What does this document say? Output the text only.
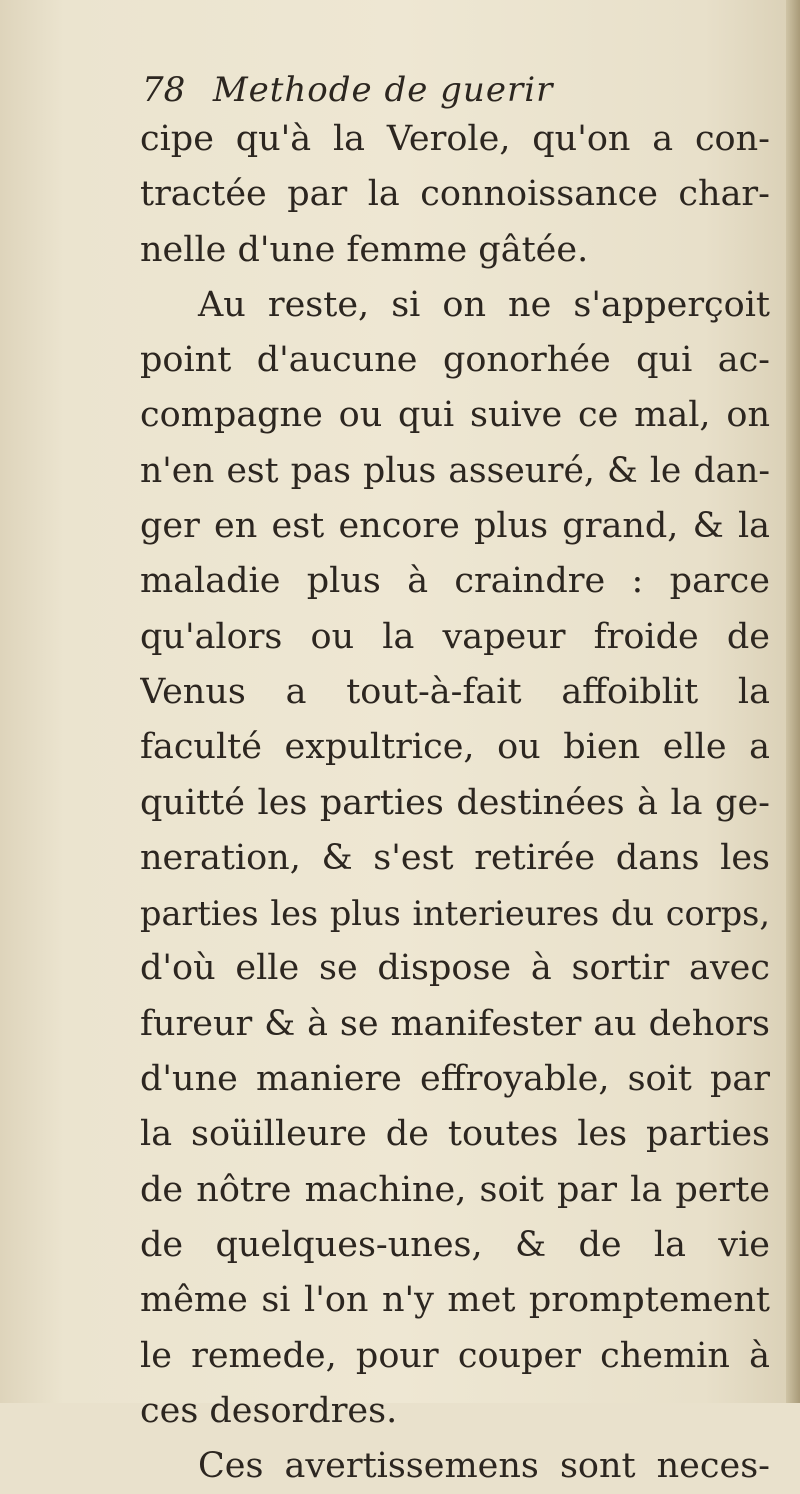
78 Methode de guerir
cipe qu'à la Verole, qu'on a con-
tractée par la connoissance char-
nelle d'une femme gâtée.
Au reste, si on ne s'apperçoit
point d'aucune gonorhée qui ac-
compagne ou qui suive ce mal, on
n'en est pas plus asseuré, & le dan-
ger en est encore plus grand, & la
maladie plus à craindre : parce
qu'alors ou la vapeur froide de
Venus a tout-à-fait affoiblit la
faculté expultrice, ou bien elle a
quitté les parties destinées à la ge-
neration, & s'est retirée dans les
parties les plus interieures du corps,
d'où elle se dispose à sortir avec
fureur & à se manifester au dehors
d'une maniere effroyable, soit par
la soüilleure de toutes les parties
de nôtre machine, soit par la perte
de quelques-unes, & de la vie
même si l'on n'y met promptement
le remede, pour couper chemin à
ces desordres.
Ces avertissemens sont neces-
